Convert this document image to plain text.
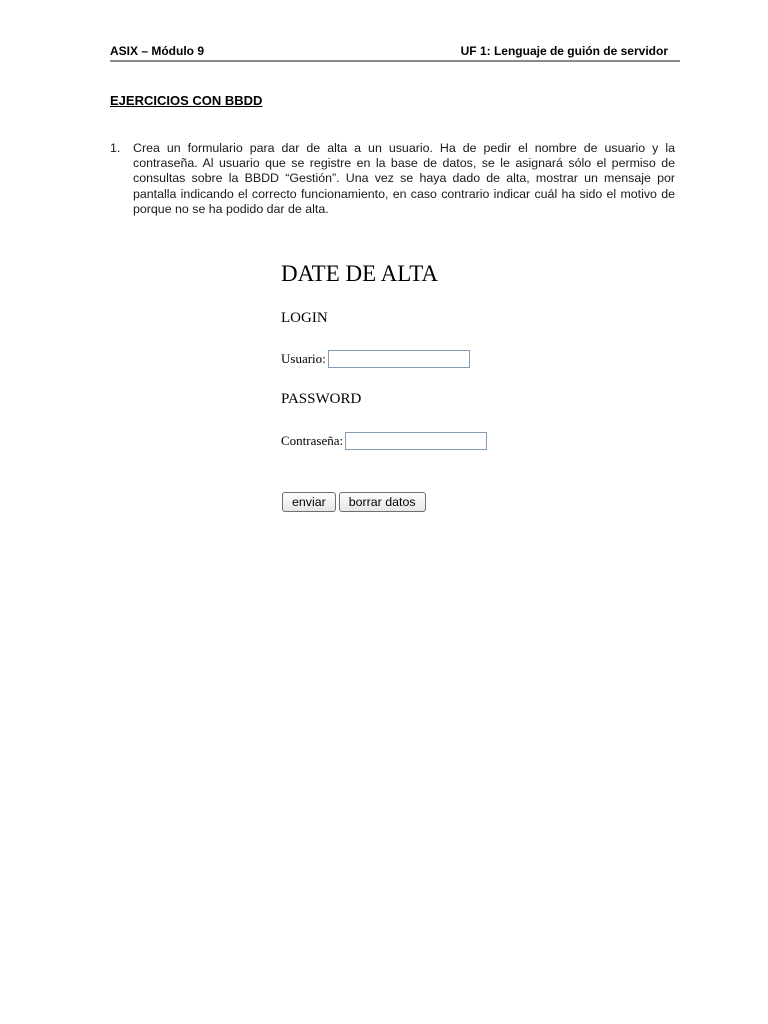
ASIX – Módulo 9	UF 1: Lenguaje de guión de servidor
EJERCICIOS CON BBDD
1. Crea un formulario para dar de alta a un usuario. Ha de pedir el nombre de usuario y la contraseña. Al usuario que se registre en la base de datos, se le asignará sólo el permiso de consultas sobre la BBDD “Gestión”. Una vez se haya dado de alta, mostrar un mensaje por pantalla indicando el correcto funcionamiento, en caso contrario indicar cuál ha sido el motivo de porque no se ha podido dar de alta.
DATE DE ALTA
LOGIN
Usuario:
PASSWORD
Contraseña:
enviar borrar datos
